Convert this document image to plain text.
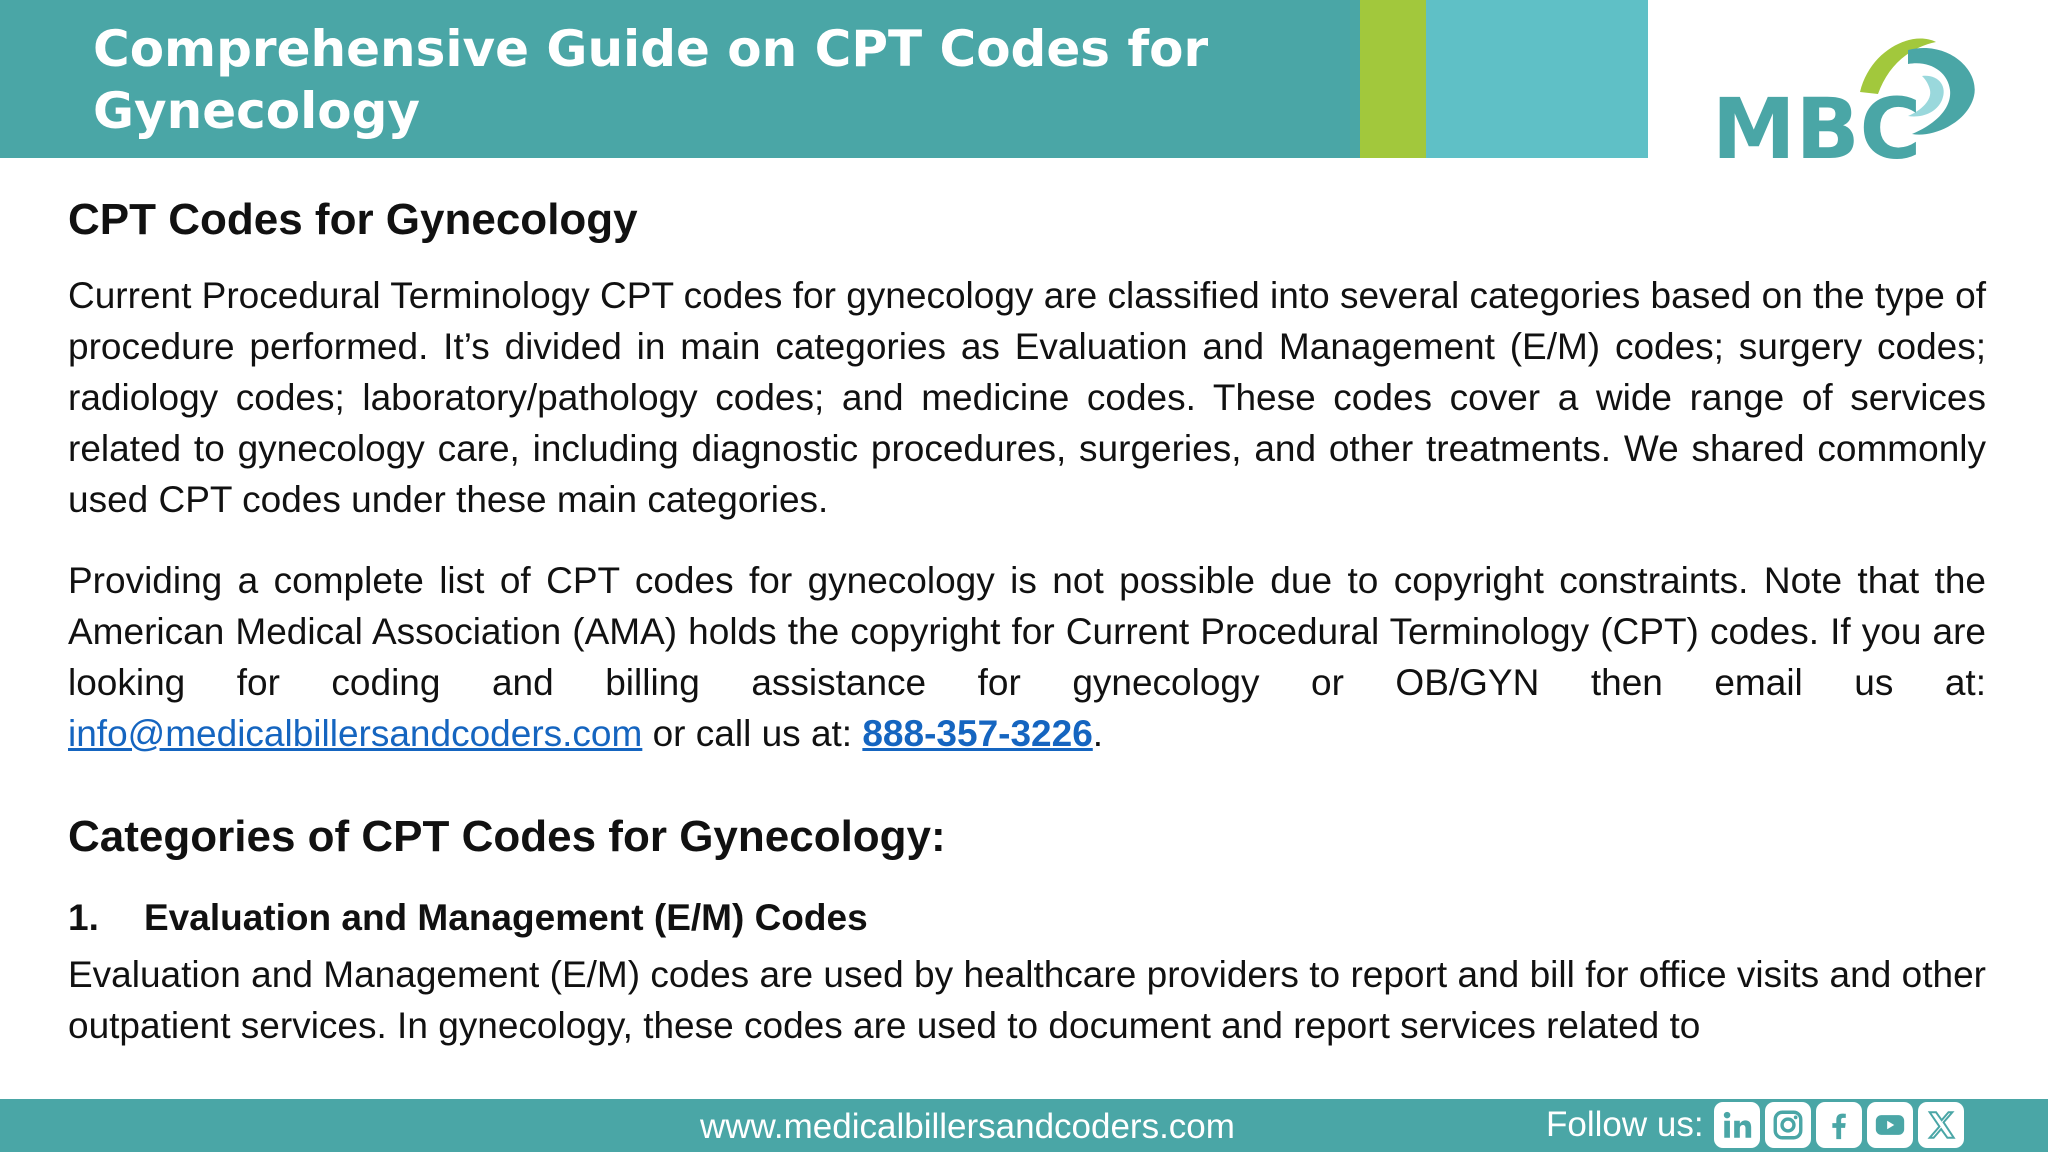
Comprehensive Guide on CPT Codes for Gynecology	MBC
CPT Codes for Gynecology

Current Procedural Terminology CPT codes for gynecology are classified into several categories based on the type of procedure performed. It’s divided in main categories as Evaluation and Management (E/M) codes; surgery codes; radiology codes; laboratory/pathology codes; and medicine codes. These codes cover a wide range of services related to gynecology care, including diagnostic procedures, surgeries, and other treatments. We shared commonly used CPT codes under these main categories.

Providing a complete list of CPT codes for gynecology is not possible due to copyright constraints. Note that the American Medical Association (AMA) holds the copyright for Current Procedural Terminology (CPT) codes. If you are looking for coding and billing assistance for gynecology or OB/GYN then email us at: info@medicalbillersandcoders.com or call us at: 888-357-3226.

Categories of CPT Codes for Gynecology:
1.	Evaluation and Management (E/M) Codes

Evaluation and Management (E/M) codes are used by healthcare providers to report and bill for office visits and other outpatient services. In gynecology, these codes are used to document and report services related to

www.medicalbillersandcoders.com	Follow us:
